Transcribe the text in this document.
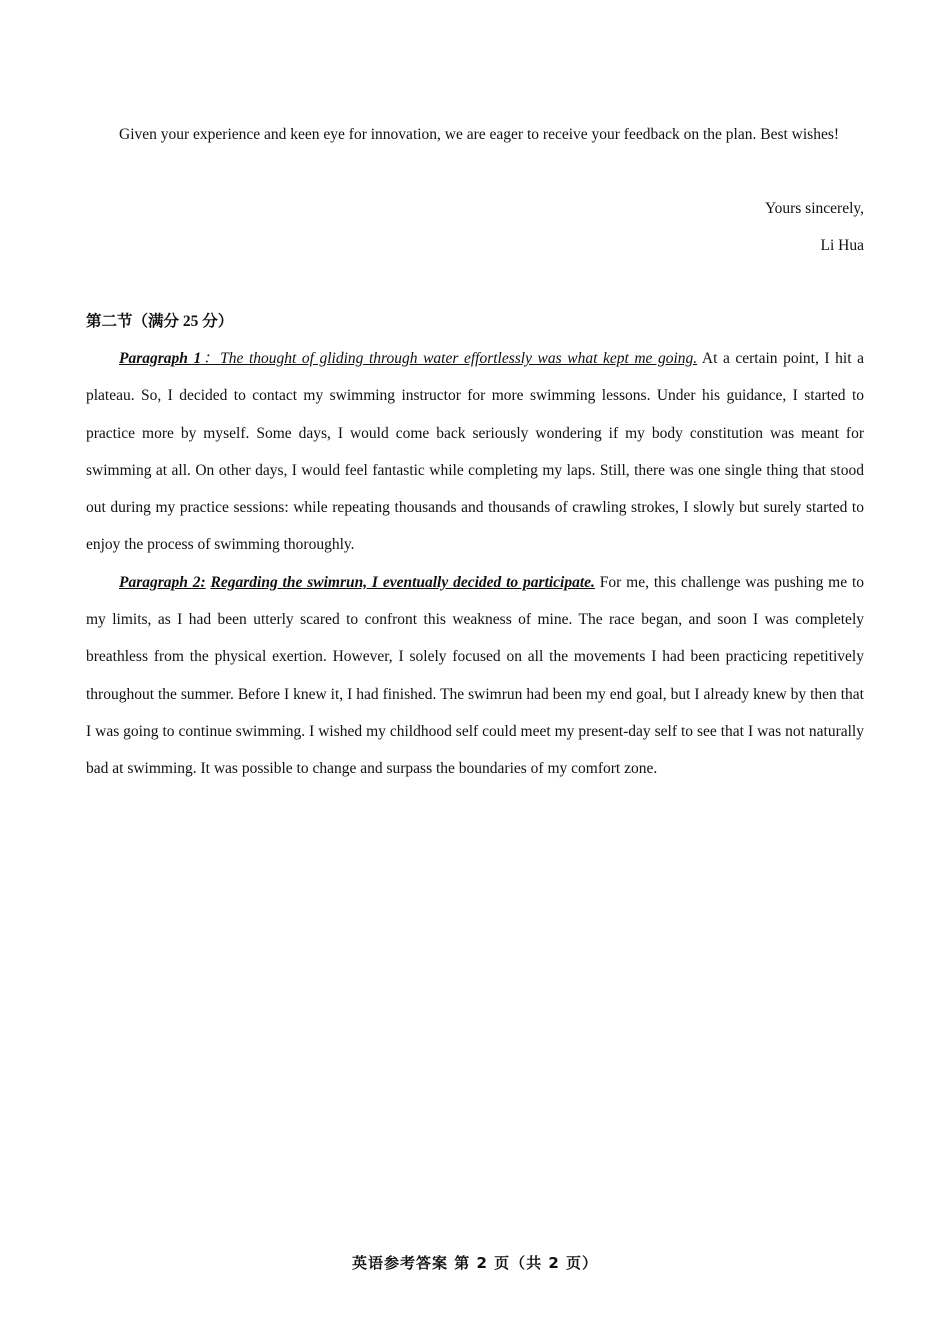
Given your experience and keen eye for innovation, we are eager to receive your feedback on the plan. Best wishes!
Yours sincerely,
Li Hua
第二节（满分 25 分）

Paragraph 1：The thought of gliding through water effortlessly was what kept me going. At a certain point, I hit a plateau. So, I decided to contact my swimming instructor for more swimming lessons. Under his guidance, I started to practice more by myself. Some days, I would come back seriously wondering if my body constitution was meant for swimming at all. On other days, I would feel fantastic while completing my laps. Still, there was one single thing that stood out during my practice sessions: while repeating thousands and thousands of crawling strokes, I slowly but surely started to enjoy the process of swimming thoroughly.

Paragraph 2: Regarding the swimrun, I eventually decided to participate. For me, this challenge was pushing me to my limits, as I had been utterly scared to confront this weakness of mine. The race began, and soon I was completely breathless from the physical exertion. However, I solely focused on all the movements I had been practicing repetitively throughout the summer. Before I knew it, I had finished. The swimrun had been my end goal, but I already knew by then that I was going to continue swimming. I wished my childhood self could meet my present-day self to see that I was not naturally bad at swimming. It was possible to change and surpass the boundaries of my comfort zone.

英语参考答案 第 2 页（共 2 页）
